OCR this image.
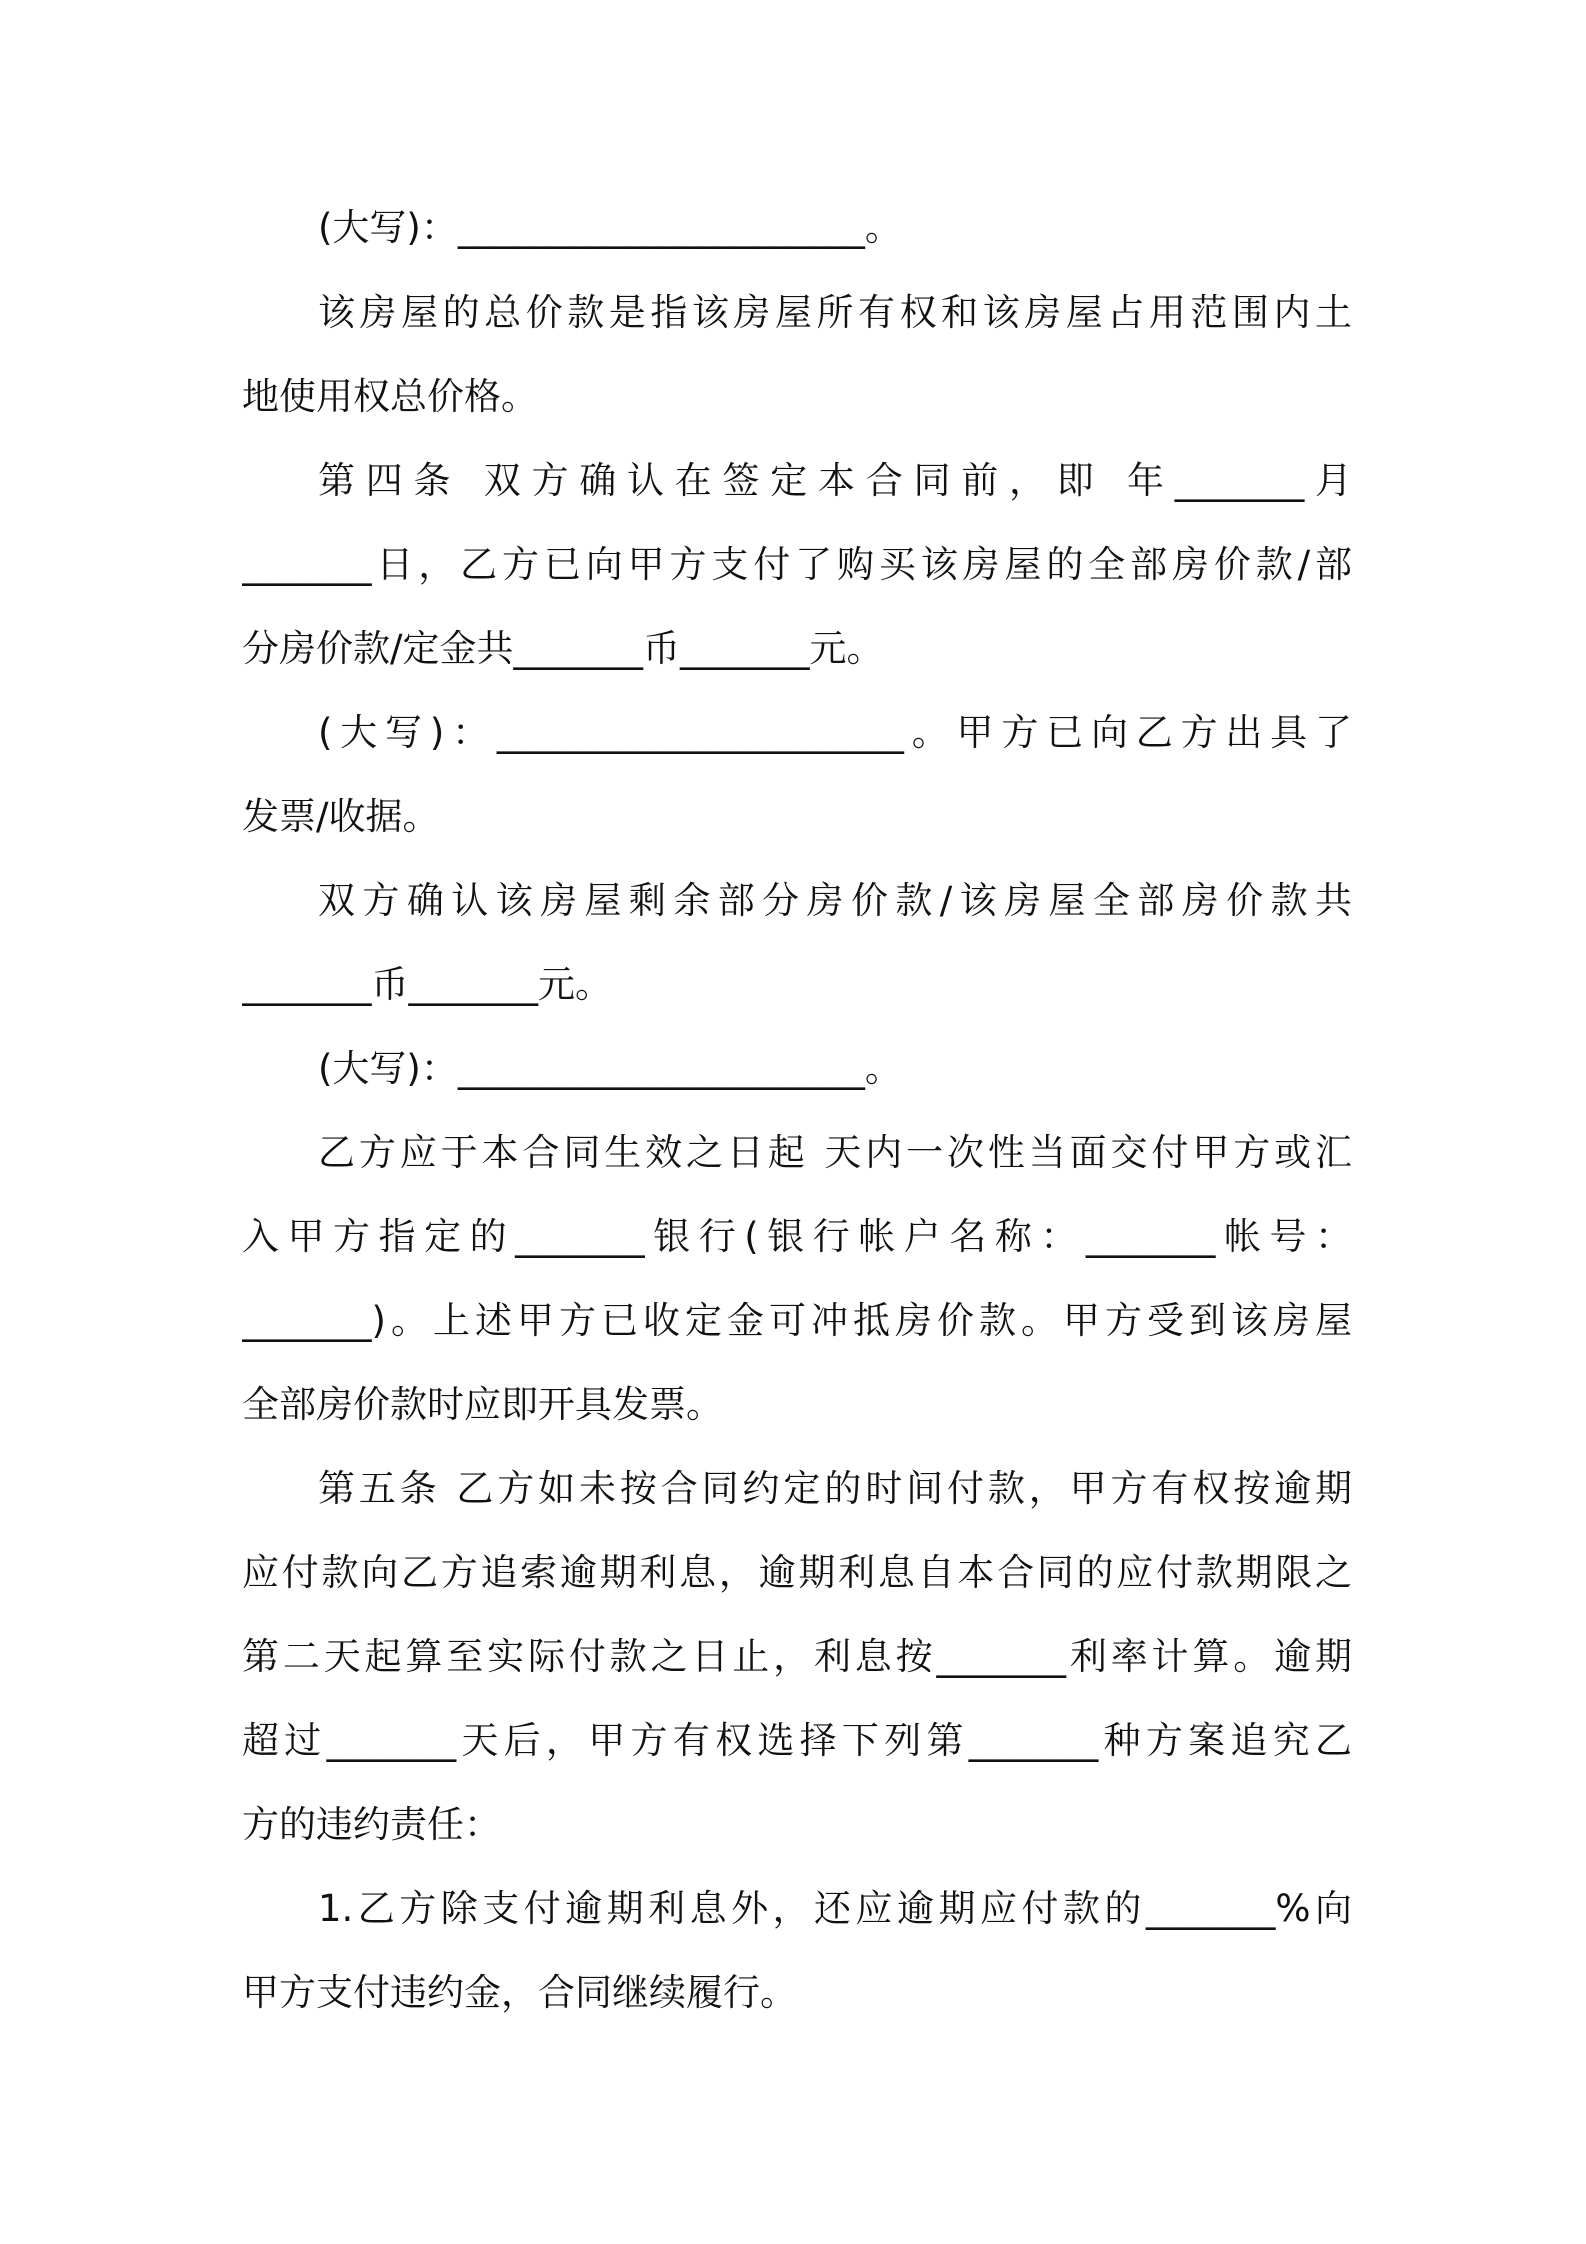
(大写)：______________________。
该房屋的总价款是指该房屋所有权和该房屋占用范围内土
地使用权总价格。
第四条 双方确认在签定本合同前，即 年_______月
_______日，乙方已向甲方支付了购买该房屋的全部房价款/部
分房价款/定金共_______币_______元。
(大写)：______________________。甲方已向乙方出具了
发票/收据。
双方确认该房屋剩余部分房价款/该房屋全部房价款共
_______币_______元。
(大写)：______________________。
乙方应于本合同生效之日起 天内一次性当面交付甲方或汇
入甲方指定的_______银行(银行帐户名称：_______帐号：
_______)。上述甲方已收定金可冲抵房价款。甲方受到该房屋
全部房价款时应即开具发票。
第五条 乙方如未按合同约定的时间付款，甲方有权按逾期
应付款向乙方追索逾期利息，逾期利息自本合同的应付款期限之
第二天起算至实际付款之日止，利息按_______利率计算。逾期
超过_______天后，甲方有权选择下列第_______种方案追究乙
方的违约责任：
1.乙方除支付逾期利息外，还应逾期应付款的_______%向
甲方支付违约金，合同继续履行。
